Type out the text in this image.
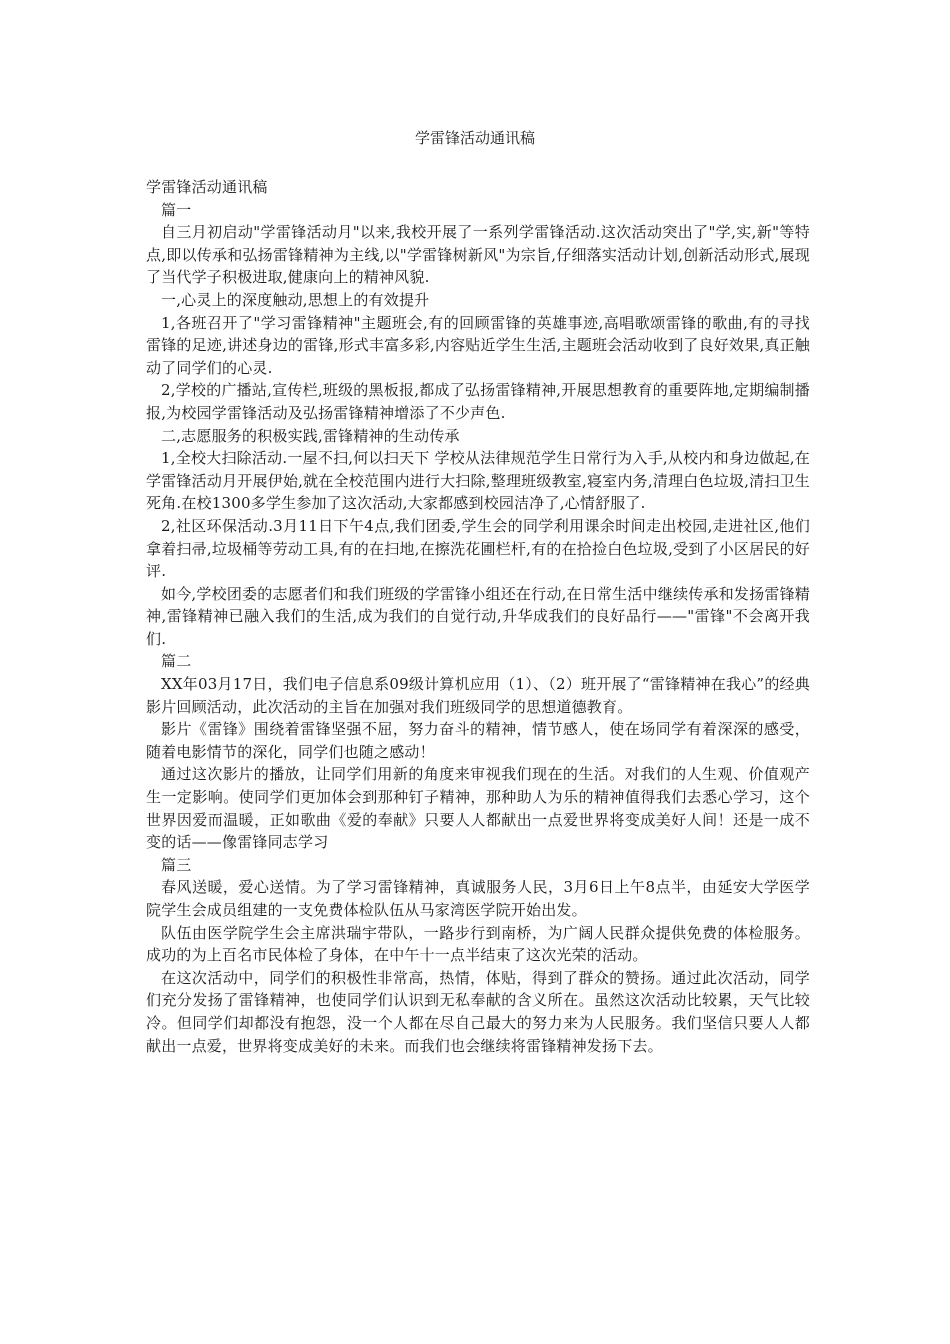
学雷锋活动通讯稿

学雷锋活动通讯稿

篇一

自三月初启动"学雷锋活动月"以来,我校开展了一系列学雷锋活动.这次活动突出了"学,实,新"等特点,即以传承和弘扬雷锋精神为主线,以"学雷锋树新风"为宗旨,仔细落实活动计划,创新活动形式,展现了当代学子积极进取,健康向上的精神风貌.

一,心灵上的深度触动,思想上的有效提升

1,各班召开了"学习雷锋精神"主题班会,有的回顾雷锋的英雄事迹,高唱歌颂雷锋的歌曲,有的寻找雷锋的足迹,讲述身边的雷锋,形式丰富多彩,内容贴近学生生活,主题班会活动收到了良好效果,真正触动了同学们的心灵.

2,学校的广播站,宣传栏,班级的黑板报,都成了弘扬雷锋精神,开展思想教育的重要阵地,定期编制播报,为校园学雷锋活动及弘扬雷锋精神增添了不少声色.

二,志愿服务的积极实践,雷锋精神的生动传承

1,全校大扫除活动.一屋不扫,何以扫天下 学校从法律规范学生日常行为入手,从校内和身边做起,在学雷锋活动月开展伊始,就在全校范围内进行大扫除,整理班级教室,寝室内务,清理白色垃圾,清扫卫生死角.在校1300多学生参加了这次活动,大家都感到校园洁净了,心情舒服了.

2,社区环保活动.3月11日下午4点,我们团委,学生会的同学利用课余时间走出校园,走进社区,他们拿着扫帚,垃圾桶等劳动工具,有的在扫地,在擦洗花圃栏杆,有的在拾捡白色垃圾,受到了小区居民的好评.

如今,学校团委的志愿者们和我们班级的学雷锋小组还在行动,在日常生活中继续传承和发扬雷锋精神,雷锋精神已融入我们的生活,成为我们的自觉行动,升华成我们的良好品行——"雷锋"不会离开我们.

篇二

XX年03月17日，我们电子信息系09级计算机应用（1）、（2）班开展了“雷锋精神在我心”的经典影片回顾活动，此次活动的主旨在加强对我们班级同学的思想道德教育。

影片《雷锋》围绕着雷锋坚强不屈，努力奋斗的精神，情节感人，使在场同学有着深深的感受，随着电影情节的深化，同学们也随之感动！

通过这次影片的播放，让同学们用新的角度来审视我们现在的生活。对我们的人生观、价值观产生一定影响。使同学们更加体会到那种钉子精神，那种助人为乐的精神值得我们去悉心学习，这个世界因爱而温暖，正如歌曲《爱的奉献》只要人人都献出一点爱世界将变成美好人间！还是一成不变的话——像雷锋同志学习

篇三

春风送暖，爱心送情。为了学习雷锋精神，真诚服务人民，3月6日上午8点半，由延安大学医学院学生会成员组建的一支免费体检队伍从马家湾医学院开始出发。

队伍由医学院学生会主席洪瑞宇带队，一路步行到南桥，为广阔人民群众提供免费的体检服务。成功的为上百名市民体检了身体，在中午十一点半结束了这次光荣的活动。

在这次活动中，同学们的积极性非常高，热情，体贴，得到了群众的赞扬。通过此次活动，同学们充分发扬了雷锋精神，也使同学们认识到无私奉献的含义所在。虽然这次活动比较累，天气比较冷。但同学们却都没有抱怨，没一个人都在尽自己最大的努力来为人民服务。我们坚信只要人人都献出一点爱，世界将变成美好的未来。而我们也会继续将雷锋精神发扬下去。
